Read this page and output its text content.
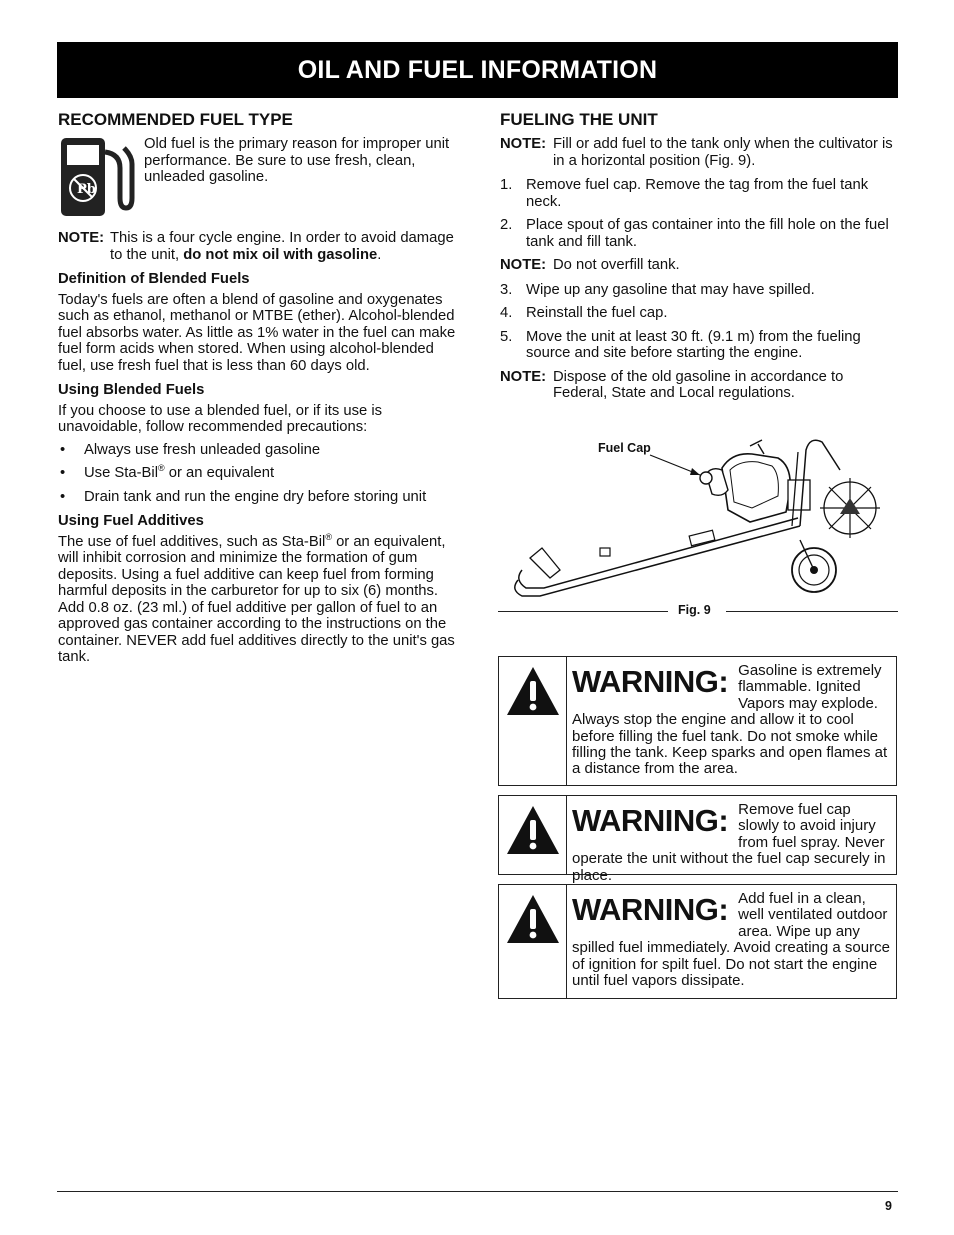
OIL AND FUEL INFORMATION
RECOMMENDED FUEL TYPE
Pb

Old fuel is the primary reason for improper unit performance. Be sure to use fresh, clean, unleaded gasoline.

NOTE: This is a four cycle engine. In order to avoid damage to the unit, do not mix oil with gasoline.

Definition of Blended Fuels

Today's fuels are often a blend of gasoline and oxygenates such as ethanol, methanol or MTBE (ether). Alcohol-blended fuel absorbs water. As little as 1% water in the fuel can make fuel form acids when stored. When using alcohol-blended fuel, use fresh fuel that is less than 60 days old.

Using Blended Fuels

If you choose to use a blended fuel, or if its use is unavoidable, follow recommended precautions:

• Always use fresh unleaded gasoline
• Use Sta-Bil® or an equivalent
• Drain tank and run the engine dry before storing unit
Using Fuel Additives

The use of fuel additives, such as Sta-Bil® or an equivalent, will inhibit corrosion and minimize the formation of gum deposits. Using a fuel additive can keep fuel from forming harmful deposits in the carburetor for up to six (6) months. Add 0.8 oz. (23 ml.) of fuel additive per gallon of fuel to an approved gas container according to the instructions on the container. NEVER add fuel additives directly to the unit's gas tank.

FUELING THE UNIT

NOTE: Fill or add fuel to the tank only when the cultivator is in a horizontal position (Fig. 9).

1. Remove fuel cap. Remove the tag from the fuel tank neck.
2. Place spout of gas container into the fill hole on the fuel tank and fill tank.

NOTE: Do not overfill tank.

3. Wipe up any gasoline that may have spilled.
4. Reinstall the fuel cap.
5. Move the unit at least 30 ft. (9.1 m) from the fueling source and site before starting the engine.

NOTE: Dispose of the old gasoline in accordance to Federal, State and Local regulations.

Fuel Cap
Fig. 9
WARNING: Gasoline is extremely flammable. Ignited Vapors may explode. Always stop the engine and allow it to cool before filling the fuel tank. Do not smoke while filling the tank. Keep sparks and open flames at a distance from the area.
WARNING: Remove fuel cap slowly to avoid injury from fuel spray. Never operate the unit without the fuel cap securely in place.
WARNING: Add fuel in a clean, well ventilated outdoor area. Wipe up any spilled fuel immediately. Avoid creating a source of ignition for spilt fuel. Do not start the engine until fuel vapors dissipate.
9
